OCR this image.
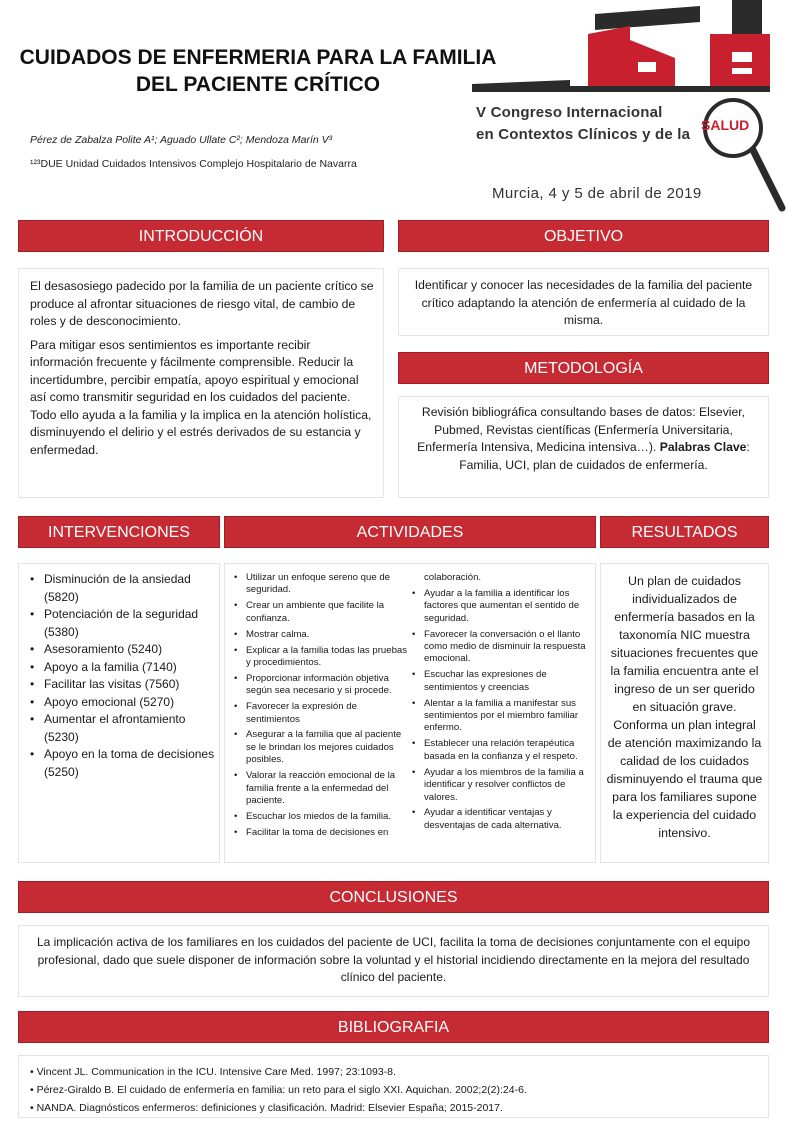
CUIDADOS DE ENFERMERIA PARA LA FAMILIA
DEL PACIENTE CRÍTICO
Pérez de Zabalza Polite A¹; Aguado Ullate C²; Mendoza Marín V³
¹²³DUE Unidad Cuidados Intensivos Complejo Hospitalario de Navarra
V Congreso Internacional
en Contextos Clínicos y de la
SALUD
Murcia, 4 y 5 de abril de 2019
INTRODUCCIÓN

El desasosiego padecido por la familia de un paciente crítico se produce al afrontar situaciones de riesgo vital, de cambio de roles y de desconocimiento.

Para mitigar esos sentimientos es importante recibir información frecuente y fácilmente comprensible. Reducir la incertidumbre, percibir empatía, apoyo espiritual y emocional así como transmitir seguridad en los cuidados del paciente. Todo ello ayuda a la familia y la implica en la atención holística, disminuyendo el delirio y el estrés derivados de su estancia y enfermedad.

OBJETIVO
Identificar y conocer las necesidades de la familia del paciente crítico adaptando la atención de enfermería al cuidado de la misma.
METODOLOGÍA
Revisión bibliográfica consultando bases de datos: Elsevier, Pubmed, Revistas científicas (Enfermería Universitaria, Enfermería Intensiva, Medicina intensiva…). Palabras Clave: Familia, UCI, plan de cuidados de enfermería.
INTERVENCIONES
• Disminución de la ansiedad (5820)
• Potenciación de la seguridad (5380)
• Asesoramiento (5240)
• Apoyo a la familia (7140)
• Facilitar las visitas (7560)
• Apoyo emocional (5270)
• Aumentar el afrontamiento (5230)
• Apoyo en la toma de decisiones (5250)
ACTIVIDADES
• Utilizar un enfoque sereno que de seguridad.
• Crear un ambiente que facilite la confianza.
• Mostrar calma.
• Explicar a la familia todas las pruebas y procedimientos.
• Proporcionar información objetiva según sea necesario y si procede.
• Favorecer la expresión de sentimientos
• Asegurar a la familia que al paciente se le brindan los mejores cuidados posibles.
• Valorar la reacción emocional de la familia frente a la enfermedad del paciente.
• Escuchar los miedos de la familia.
• Facilitar la toma de decisiones en
colaboración.
• Ayudar a la familia a identificar los factores que aumentan el sentido de seguridad.
• Favorecer la conversación o el llanto como medio de disminuir la respuesta emocional.
• Escuchar las expresiones de sentimientos y creencias
• Alentar a la familia a manifestar sus sentimientos por el miembro familiar enfermo.
• Establecer una relación terapéutica basada en la confianza y el respeto.
• Ayudar a los miembros de la familia a identificar y resolver conflictos de valores.
• Ayudar a identificar ventajas y desventajas de cada alternativa.
RESULTADOS
Un plan de cuidados individualizados de enfermería basados en la taxonomía NIC muestra situaciones frecuentes que la familia encuentra ante el ingreso de un ser querido en situación grave. Conforma un plan integral de atención maximizando la calidad de los cuidados disminuyendo el trauma que para los familiares supone la experiencia del cuidado intensivo.
CONCLUSIONES
La implicación activa de los familiares en los cuidados del paciente de UCI, facilita la toma de decisiones conjuntamente con el equipo profesional, dado que suele disponer de información sobre la voluntad y el historial incidiendo directamente en la mejora del resultado clínico del paciente.
BIBLIOGRAFIA
• Vincent JL. Communication in the ICU. Intensive Care Med. 1997; 23:1093-8.
• Pérez-Giraldo B. El cuidado de enfermería en familia: un reto para el siglo XXI. Aquichan. 2002;2(2):24-6.
• NANDA. Diagnósticos enfermeros: definiciones y clasificación. Madrid: Elsevier España; 2015-2017.
